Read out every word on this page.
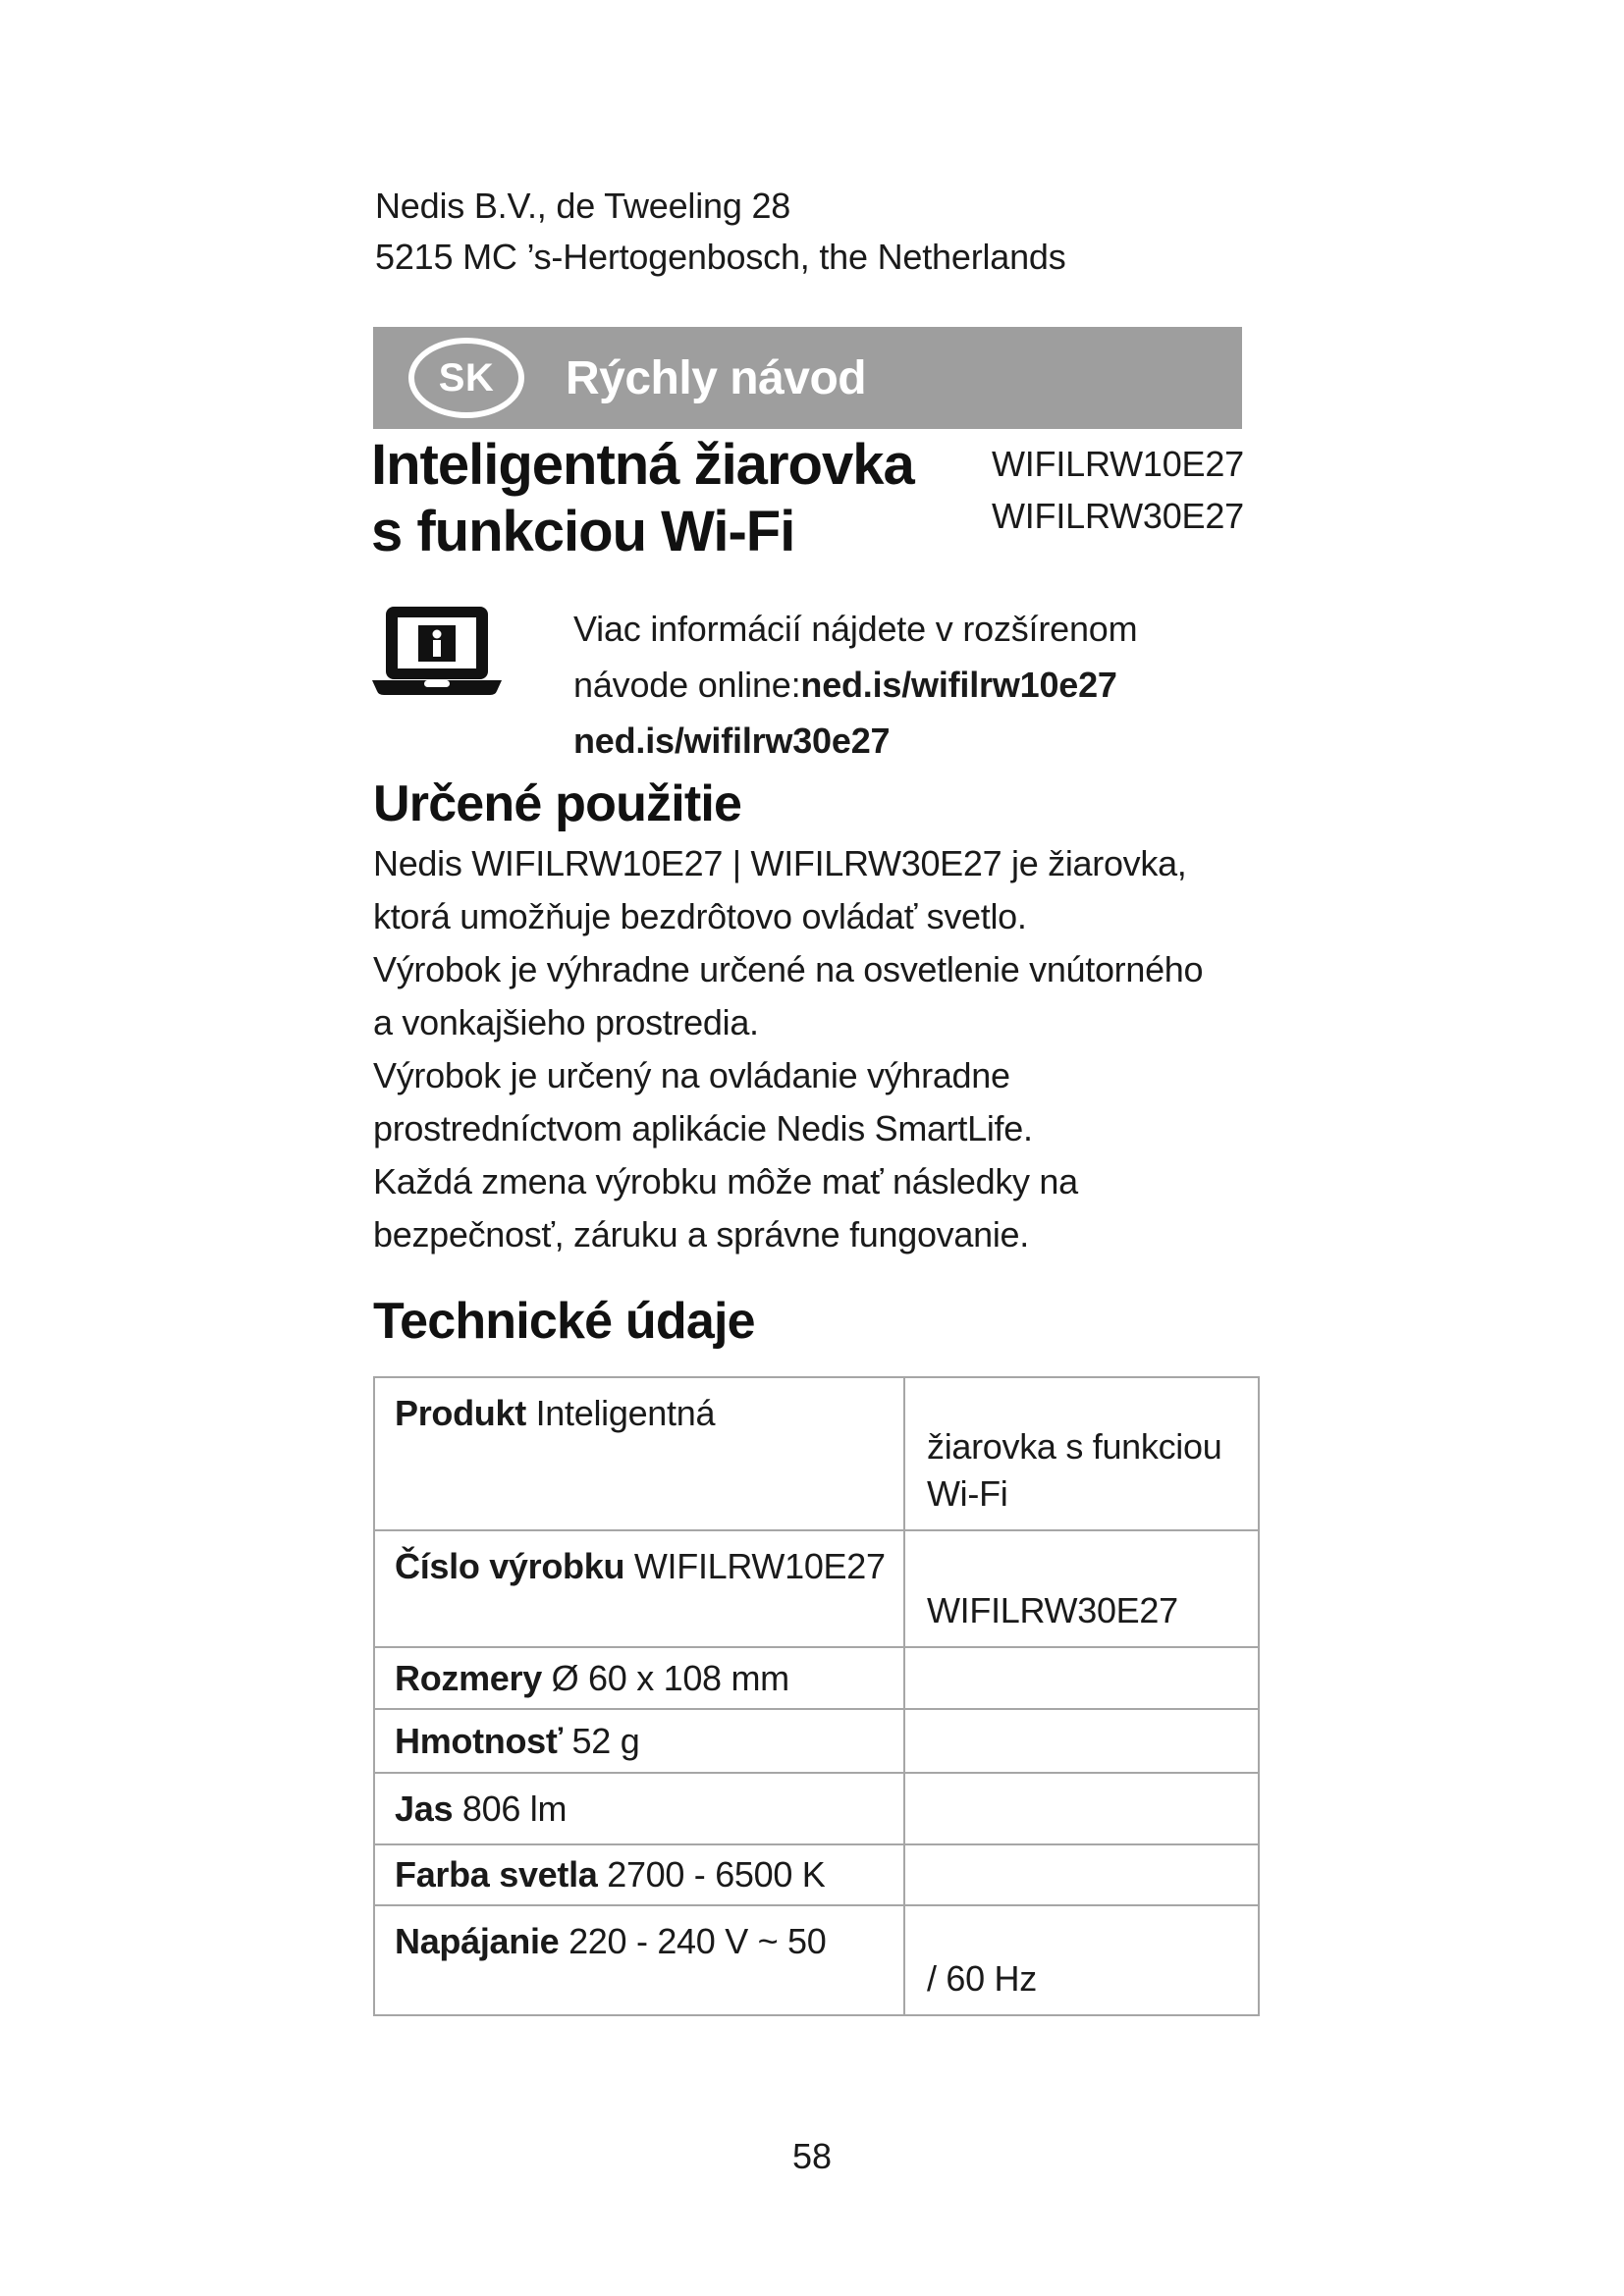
Nedis B.V., de Tweeling 28
5215 MC ’s-Hertogenbosch, the Netherlands
SK Rýchly návod
Inteligentná žiarovka
s funkciou Wi-Fi
WIFILRW10E27
WIFILRW30E27
Viac informácií nájdete v rozšírenom
návode online:ned.is/wifilrw10e27
ned.is/wifilrw30e27
Určené použitie
Nedis WIFILRW10E27 | WIFILRW30E27 je žiarovka,
ktorá umožňuje bezdrôtovo ovládať svetlo.
Výrobok je výhradne určené na osvetlenie vnútorného
a vonkajšieho prostredia.
Výrobok je určený na ovládanie výhradne
prostredníctvom aplikácie Nedis SmartLife.
Každá zmena výrobku môže mať následky na
bezpečnosť, záruku a správne fungovanie.
Technické údaje
Produkt Inteligentná	žiarovka s funkciou
Wi-Fi

Číslo výrobku WIFILRW10E27	WIFILRW30E27

Rozmery Ø 60 x 108 mm	

Hmotnosť 52 g	

Jas 806 lm	

Farba svetla 2700 - 6500 K	

Napájanie 220 - 240 V ~ 50	/ 60 Hz
58
